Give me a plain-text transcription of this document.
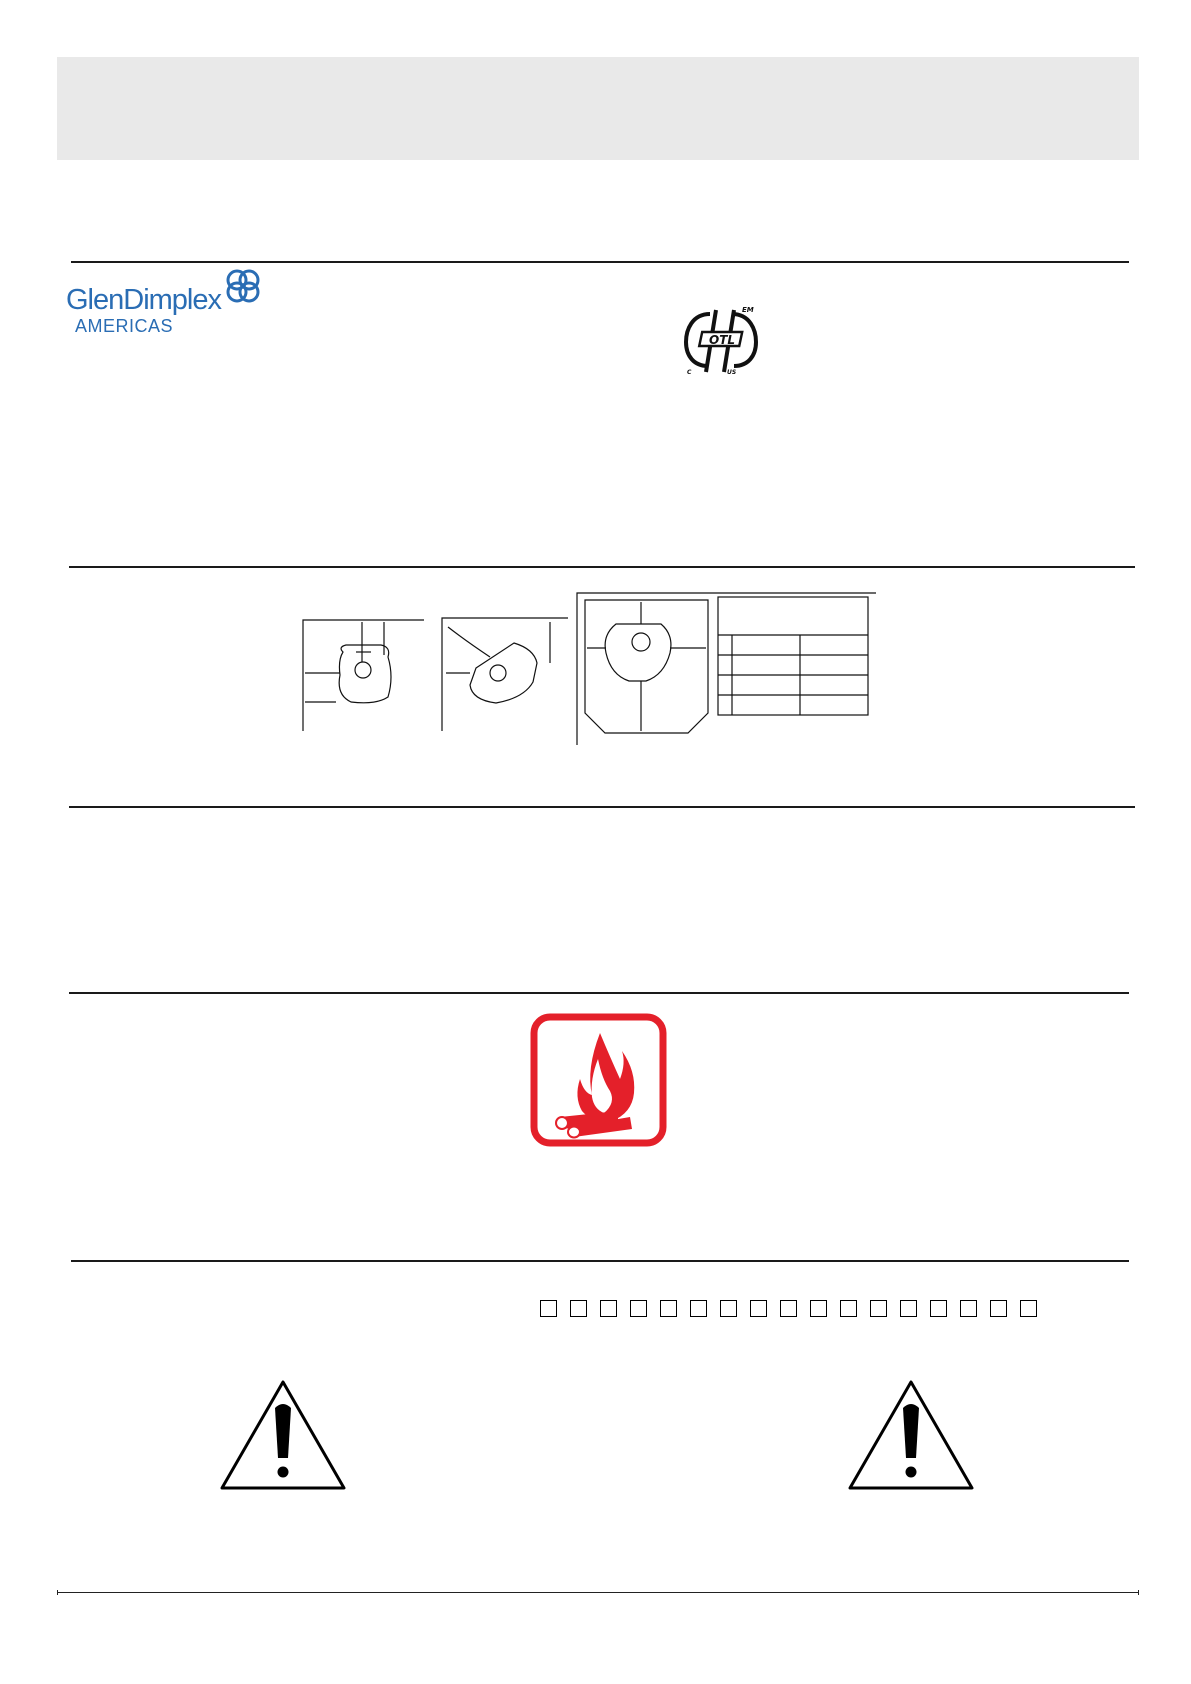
GlenDimplex
AMERICAS
OTL
EM
C	US
